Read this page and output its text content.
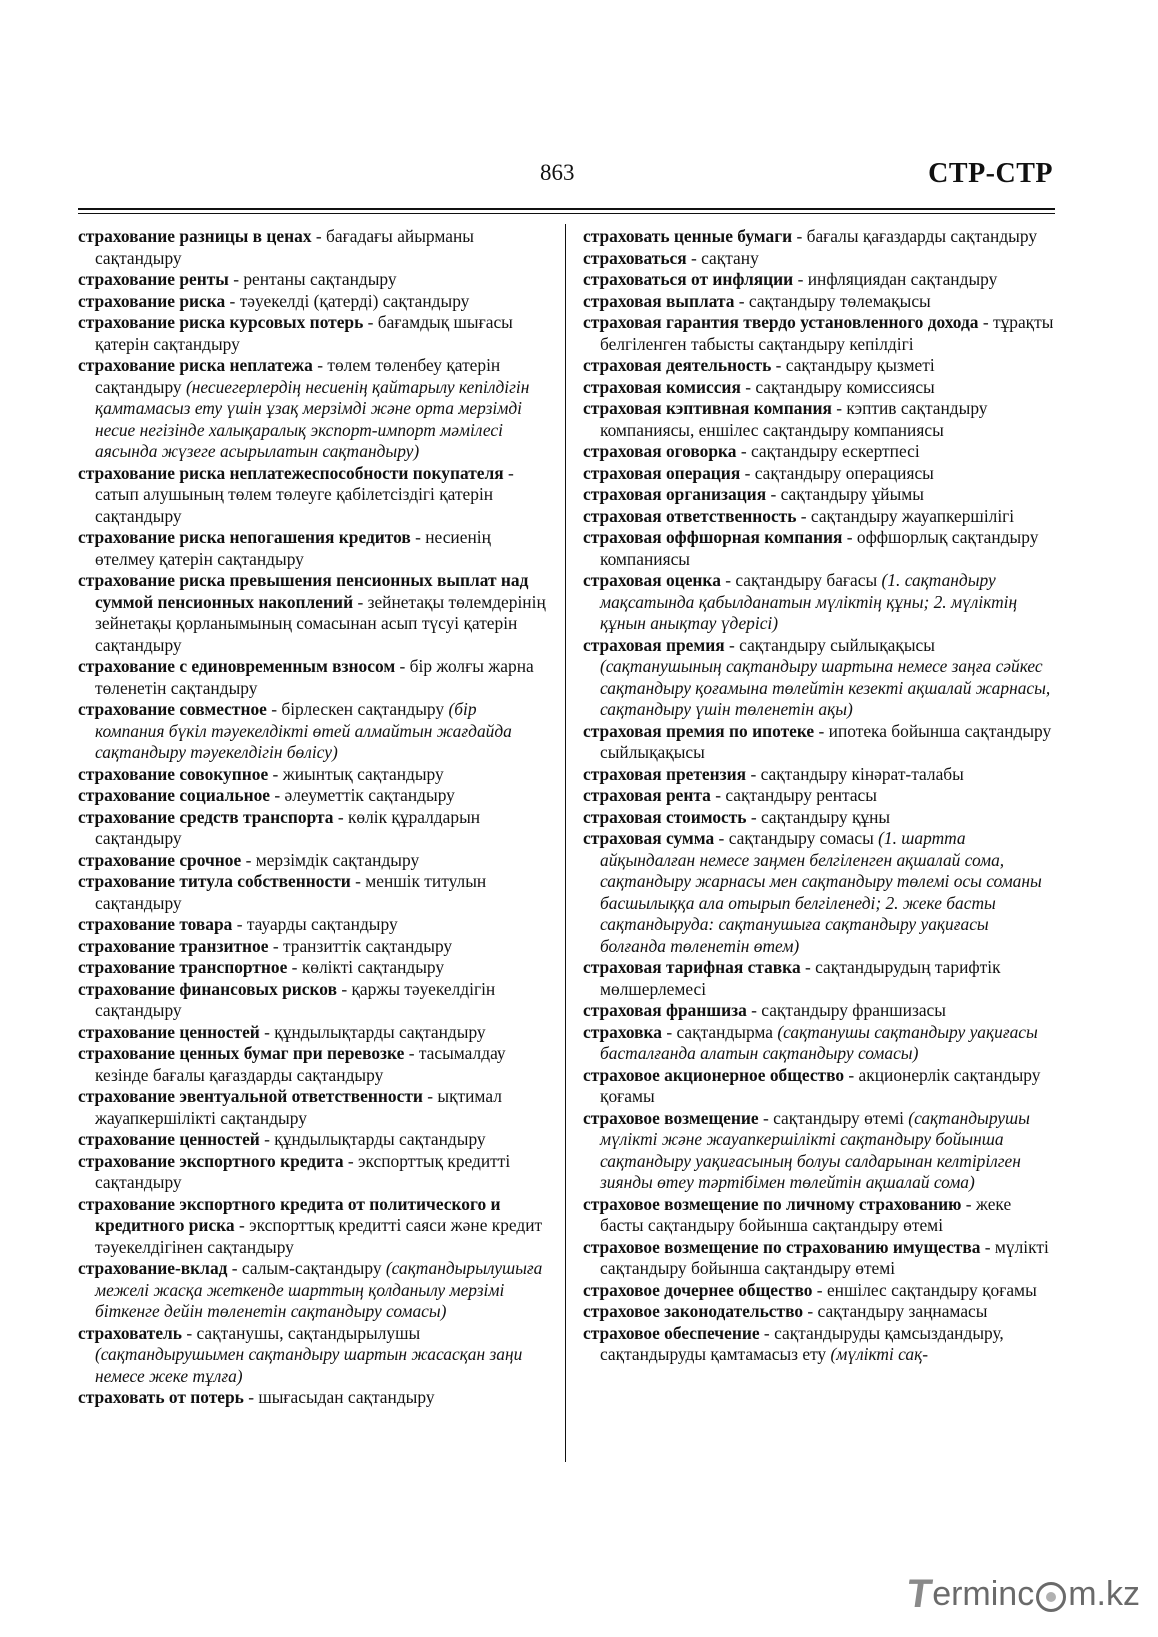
863	СТР-СТР

страхование разницы в ценах - бағадағы айырманы сақтандыру

страхование ренты - рентаны сақтандыру

страхование риска - тәуекелді (қатерді) сақтандыру

страхование риска курсовых потерь - бағамдық шығасы қатерін сақтандыру

страхование риска неплатежа - төлем төленбеу қатерін сақтандыру (несиегерлердің несиенің қайтарылу кепілдігін қамтамасыз ету үшін ұзақ мерзімді және орта мерзімді несие негізінде халықаралық экспорт-импорт мәмілесі аясында жүзеге асырылатын сақтандыру)

страхование риска неплатежеспособности покупателя - сатып алушының төлем төлеуге қабілетсіздігі қатерін сақтандыру

страхование риска непогашения кредитов - несиенің өтелмеу қатерін сақтандыру

страхование риска превышения пенсионных выплат над суммой пенсионных накоплений - зейнетақы төлемдерінің зейнетақы қорланымының сомасынан асып түсуі қатерін сақтандыру

страхование с единовременным взносом - бір жолғы жарна төленетін сақтандыру

страхование совместное - бірлескен сақтандыру (бір компания бүкіл тәуекелдікті өтей алмайтын жағдайда сақтандыру тәуекелдігін бөлісу)

страхование совокупное - жиынтық сақтандыру

страхование социальное - әлеуметтік сақтандыру

страхование средств транспорта - көлік құралдарын сақтандыру

страхование срочное - мерзімдік сақтандыру

страхование титула собственности - меншік титулын сақтандыру

страхование товара - тауарды сақтандыру

страхование транзитное - транзиттік сақтандыру

страхование транспортное - көлікті сақтандыру

страхование финансовых рисков - қаржы тәуекелдігін сақтандыру

страхование ценностей - құндылықтарды сақтандыру

страхование ценных бумаг при перевозке - тасымалдау кезінде бағалы қағаздарды сақтандыру

страхование эвентуальной ответственности - ықтимал жауапкершілікті сақтандыру

страхование ценностей - құндылықтарды сақтандыру

страхование экспортного кредита - экспорттық кредитті сақтандыру

страхование экспортного кредита от политического и кредитного риска - экспорттық кредитті саяси және кредит тәуекелдігінен сақтандыру

страхование-вклад - салым-сақтандыру (сақтандырылушыға межелі жасқа жеткенде шарттың қолданылу мерзімі біткенге дейін төленетін сақтандыру сомасы)

страхователь - сақтанушы, сақтандырылушы (сақтандырушымен сақтандыру шартын жасасқан заңи немесе жеке тұлға)

страховать от потерь - шығасыдан сақтандыру

страховать ценные бумаги - бағалы қағаздарды сақтандыру

страховаться - сақтану

страховаться от инфляции - инфляциядан сақтандыру

страховая выплата - сақтандыру төлемақысы

страховая гарантия твердо установленного дохода - тұрақты белгіленген табысты сақтандыру кепілдігі

страховая деятельность - сақтандыру қызметі

страховая комиссия - сақтандыру комиссиясы

страховая кэптивная компания - кэптив сақтандыру компаниясы, еншілес сақтандыру компаниясы

страховая оговорка - сақтандыру ескертпесі

страховая операция - сақтандыру операциясы

страховая организация - сақтандыру ұйымы

страховая ответственность - сақтандыру жауапкершілігі

страховая оффшорная компания - оффшорлық сақтандыру компаниясы

страховая оценка - сақтандыру бағасы (1. сақтандыру мақсатында қабылданатын мүліктің құны; 2. мүліктің құнын анықтау үдерісі)

страховая премия - сақтандыру сыйлықақысы (сақтанушының сақтандыру шартына немесе заңға сәйкес сақтандыру қоғамына төлейтін кезекті ақшалай жарнасы, сақтандыру үшін төленетін ақы)

страховая премия по ипотеке - ипотека бойынша сақтандыру сыйлықақысы

страховая претензия - сақтандыру кінәрат-талабы

страховая рента - сақтандыру рентасы

страховая стоимость - сақтандыру құны

страховая сумма - сақтандыру сомасы (1. шартта айқындалған немесе заңмен белгіленген ақшалай сома, сақтандыру жарнасы мен сақтандыру төлемі осы соманы басшылыққа ала отырып белгіленеді; 2. жеке басты сақтандыруда: сақтанушыға сақтандыру уақиғасы болғанда төленетін өтем)

страховая тарифная ставка - сақтандырудың тарифтік мөлшерлемесі

страховая франшиза - сақтандыру франшизасы

страховка - сақтандырма (сақтанушы сақтандыру уақиғасы басталғанда алатын сақтандыру сомасы)

страховое акционерное общество - акционерлік сақтандыру қоғамы

страховое возмещение - сақтандыру өтемі (сақтандырушы мүлікті және жауапкершілікті сақтандыру бойынша сақтандыру уақиғасының болуы салдарынан келтірілген зиянды өтеу тәртібімен төлейтін ақшалай сома)

страховое возмещение по личному страхованию - жеке басты сақтандыру бойынша сақтандыру өтемі

страховое возмещение по страхованию имущества - мүлікті сақтандыру бойынша сақтандыру өтемі

страховое дочернее общество - еншілес сақтандыру қоғамы

страховое законодательство - сақтандыру заңнамасы

страховое обеспечение - сақтандыруды қамсыздандыру, сақтандыруды қамтамасыз ету (мүлікті сақ-

T
erminc m.kz
